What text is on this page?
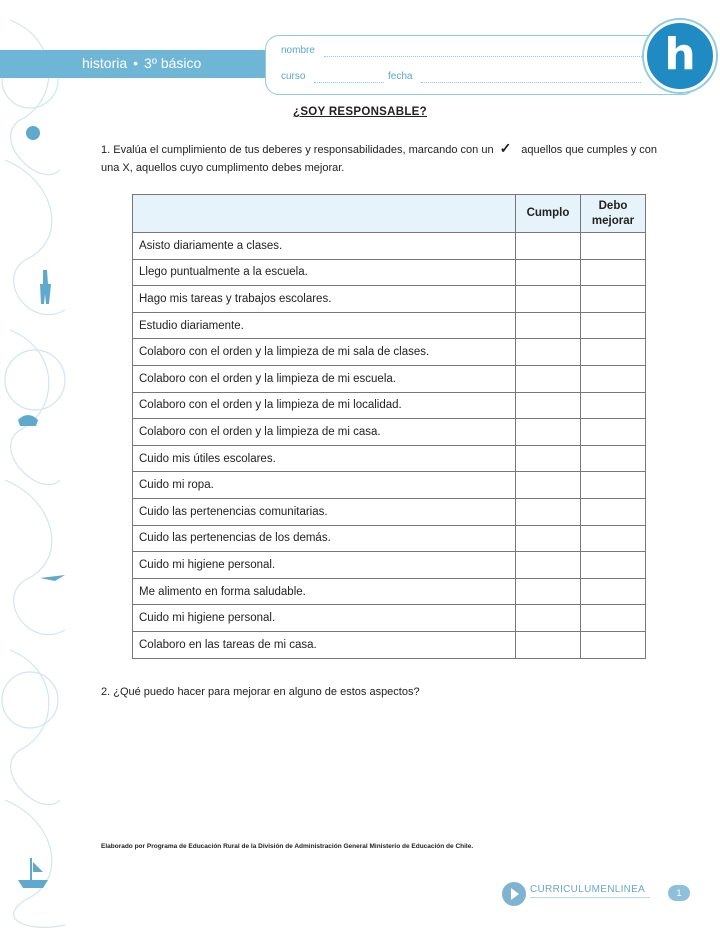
historia • 3º básico
nombre
curso	fecha	h
¿SOY RESPONSABLE?
1. Evalúa el cumplimiento de tus deberes y responsabilidades, marcando con un ✓ aquellos que cumples y con una X, aquellos cuyo cumplimento debes mejorar.
	Cumplo	Debo mejorar
Asisto diariamente a clases.		
Llego puntualmente a la escuela.		
Hago mis tareas y trabajos escolares.		
Estudio diariamente.		
Colaboro con el orden y la limpieza de mi sala de clases.		
Colaboro con el orden y la limpieza de mi escuela.		
Colaboro con el orden y la limpieza de mi localidad.		
Colaboro con el orden y la limpieza de mi casa.		
Cuido mis útiles escolares.		
Cuido mi ropa.		
Cuido las pertenencias comunitarias.		
Cuido las pertenencias de los demás.		
Cuido mi higiene personal.		
Me alimento en forma saludable.		
Cuido mi higiene personal.		
Colaboro en las tareas de mi casa.		
2. ¿Qué puedo hacer para mejorar en alguno de estos aspectos?
Elaborado por Programa de Educación Rural de la División de Administración General Ministerio de Educación de Chile.
CURRICULUMENLINEA	1
